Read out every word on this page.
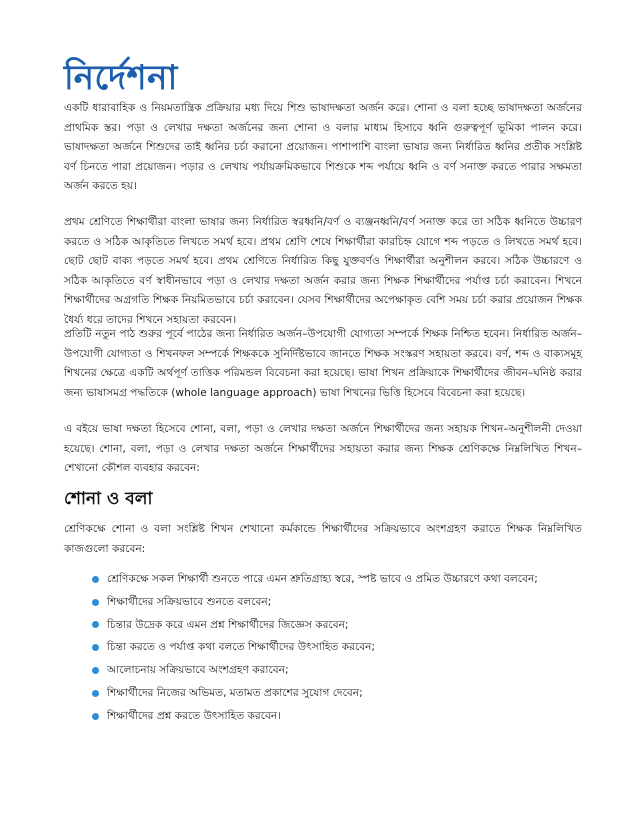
নির্দেশনা

একটি ধারাবাহিক ও নিয়মতান্ত্রিক প্রক্রিয়ার মধ্য দিয়ে শিশু ভাষাদক্ষতা অর্জন করে। শোনা ও বলা হচ্ছে ভাষাদক্ষতা অর্জনের প্রাথমিক স্তর। পড়া ও লেখার দক্ষতা অর্জনের জন্য শোনা ও বলার মাধ্যম হিসাবে ধ্বনি গুরুত্বপূর্ণ ভূমিকা পালন করে। ভাষাদক্ষতা অর্জনে শিশুদের তাই ধ্বনির চর্চা করানো প্রয়োজন। পাশাপাশি বাংলা ভাষার জন্য নির্ধারিত ধ্বনির প্রতীক সংশ্লিষ্ট বর্ণ চিনতে পারা প্রয়োজন। পড়ার ও লেখায় পর্যায়ক্রমিকভাবে শিশুকে শব্দ পর্যায়ে ধ্বনি ও বর্ণ সনাক্ত করতে পারার সক্ষমতা অর্জন করতে হয়।

প্রথম শ্রেণিতে শিক্ষার্থীরা বাংলা ভাষার জন্য নির্ধারিত স্বরধ্বনি/বর্ণ ও ব্যঞ্জনধ্বনি/বর্ণ সনাক্ত করে তা সঠিক ধ্বনিতে উচ্চারণ করতে ও সঠিক আকৃতিতে লিখতে সমর্থ হবে। প্রথম শ্রেণি শেষে শিক্ষার্থীরা কারচিহ্ন যোগে শব্দ পড়তে ও লিখতে সমর্থ হবে। ছোট ছোট বাক্য পড়তে সমর্থ হবে। প্রথম শ্রেণিতে নির্ধারিত কিছু যুক্তবর্ণও শিক্ষার্থীরা অনুশীলন করবে। সঠিক উচ্চারণে ও সঠিক আকৃতিতে বর্ণ স্বাধীনভাবে পড়া ও লেখার দক্ষতা অর্জন করার জন্য শিক্ষক শিক্ষার্থীদের পর্যাপ্ত চর্চা করাবেন। শিখনে শিক্ষার্থীদের অগ্রগতি শিক্ষক নিয়মিতভাবে চর্চা করাবেন। যেসব শিক্ষার্থীদের অপেক্ষাকৃত বেশি সময় চর্চা করার প্রয়োজন শিক্ষক ধৈর্য্য ধরে তাদের শিখনে সহায়তা করবেন।

প্রতিটি নতুন পাঠ শুরুর পূর্বে পাঠের জন্য নির্ধারিত অর্জন–উপযোগী যোগ্যতা সম্পর্কে শিক্ষক নিশ্চিত হবেন। নির্ধারিত অর্জন–উপযোগী যোগ্যতা ও শিখনফল সম্পর্কে শিক্ষককে সুনির্দিষ্টভাবে জানতে শিক্ষক সংস্করণ সহায়তা করবে। বর্ণ, শব্দ ও বাক্যসমূহ শিখনের ক্ষেত্রে একটি অর্থপূর্ণ তাত্তিক পরিমন্ডল বিবেচনা করা হয়েছে। ভাষা শিখন প্রক্রিয়াকে শিক্ষার্থীদের জীবন–ঘনিষ্ঠ করার জন্য ভাষাসমগ্র পদ্ধতিকে (whole language approach) ভাষা শিখনের ভিত্তি হিসেবে বিবেচনা করা হয়েছে।

এ বইয়ে ভাষা দক্ষতা হিসেবে শোনা, বলা, পড়া ও লেখার দক্ষতা অর্জনে শিক্ষার্থীদের জন্য সহায়ক শিখন–অনুশীলনী দেওয়া হয়েছে। শোনা, বলা, পড়া ও লেখার দক্ষতা অর্জনে শিক্ষার্থীদের সহায়তা করার জন্য শিক্ষক শ্রেণিকক্ষে নিম্নলিখিত শিখন–শেখানো কৌশল ব্যবহার করবেন:

শোনা ও বলা

শ্রেণিকক্ষে শোনা ও বলা সংশ্লিষ্ট শিখন শেখানো কর্মকান্ডে শিক্ষার্থীদের সক্রিয়ভাবে অংশগ্রহণ করাতে শিক্ষক নিম্নলিখিত কাজগুলো করবেন:

শ্রেণিকক্ষে সকল শিক্ষার্থী শুনতে পারে এমন শ্রুতিগ্রাহ্য স্বরে, স্পষ্ট ভাবে ও প্রমিত উচ্চারণে কথা বলবেন;
শিক্ষার্থীদের সক্রিয়ভাবে শুনতে বলবেন;
চিন্তার উদ্রেক করে এমন প্রশ্ন শিক্ষার্থীদের জিজ্ঞেস করবেন;
চিন্তা করতে ও পর্যাপ্ত কথা বলতে শিক্ষার্থীদের উৎসাহিত করবেন;
আলোচনায় সক্রিয়ভাবে অংশগ্রহণ করাবেন;
শিক্ষার্থীদের নিজের অভিমত, মতামত প্রকাশের সুযোগ দেবেন;
শিক্ষার্থীদের প্রশ্ন করতে উৎসাহিত করবেন।
